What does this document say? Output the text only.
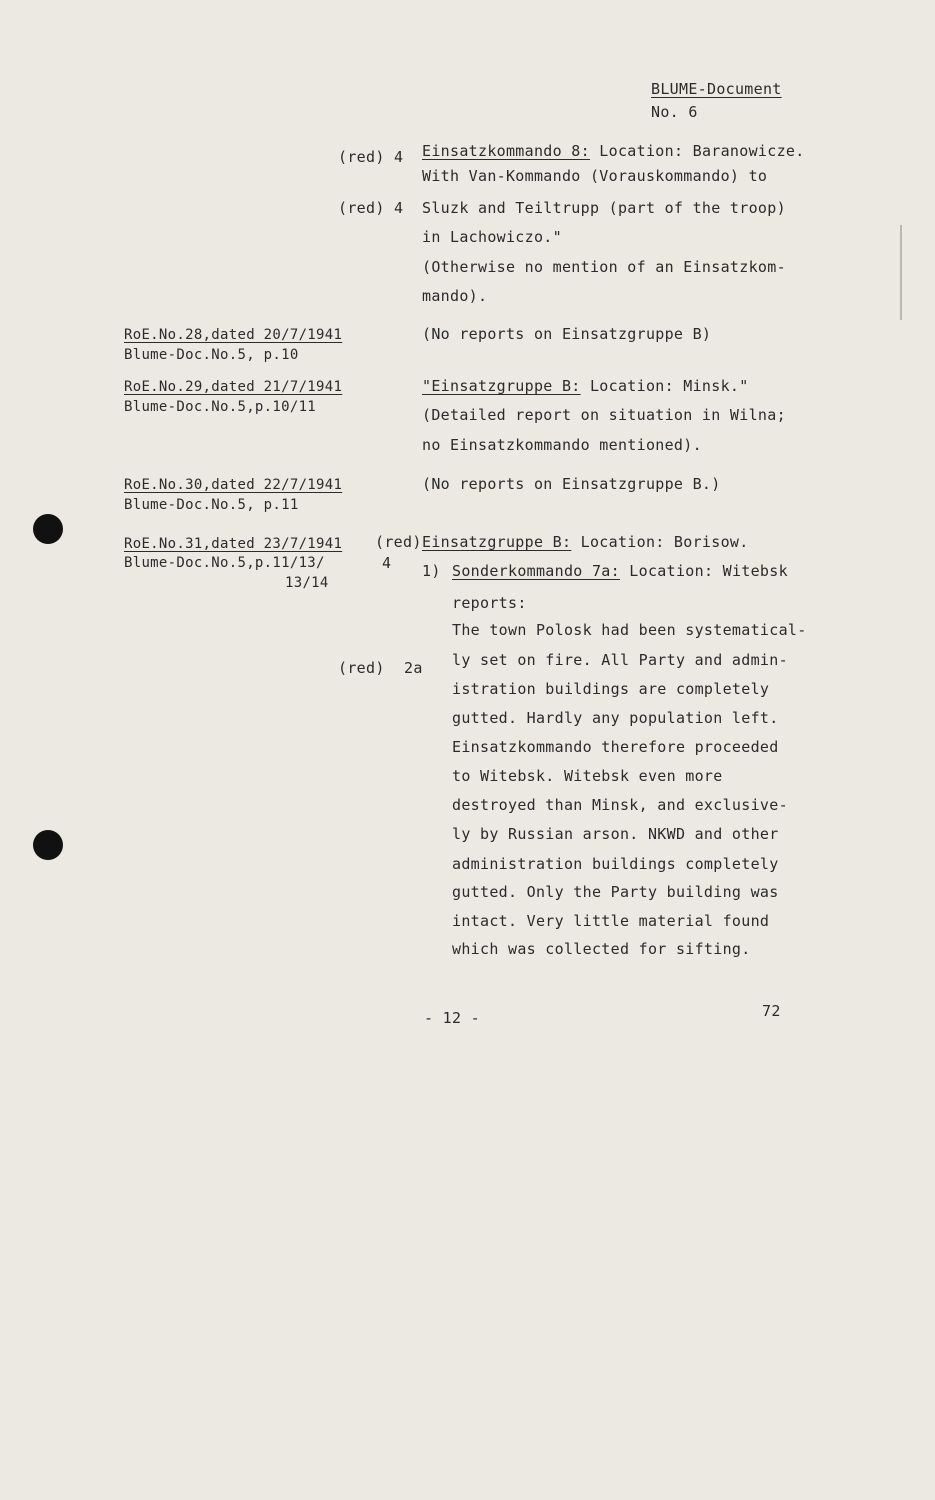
BLUME-Document
No. 6
(red) 4
(red) 4
Einsatzkommando 8: Location: Baranowicze.
With Van-Kommando (Vorauskommando) to
Sluzk and Teiltrupp (part of the troop)
in Lachowiczo."
(Otherwise no mention of an Einsatzkom-
mando).
RoE.No.28,dated 20/7/1941
Blume-Doc.No.5, p.10
(No reports on Einsatzgruppe B)
RoE.No.29,dated 21/7/1941
Blume-Doc.No.5,p.10/11
"Einsatzgruppe B: Location: Minsk."
(Detailed report on situation in Wilna;
no Einsatzkommando mentioned).
RoE.No.30,dated 22/7/1941
Blume-Doc.No.5, p.11
(No reports on Einsatzgruppe B.)
RoE.No.31,dated 23/7/1941
Blume-Doc.No.5,p.11/13/
13/14
(red)
4
(red) 2a
Einsatzgruppe B: Location: Borisow.
1) Sonderkommando 7a: Location: Witebsk
reports:
The town Polosk had been systematical-
ly set on fire. All Party and admin-
istration buildings are completely
gutted. Hardly any population left.
Einsatzkommando therefore proceeded
to Witebsk. Witebsk even more
destroyed than Minsk, and exclusive-
ly by Russian arson. NKWD and other
administration buildings completely
gutted. Only the Party building was
intact. Very little material found
which was collected for sifting.
- 12 -	72
